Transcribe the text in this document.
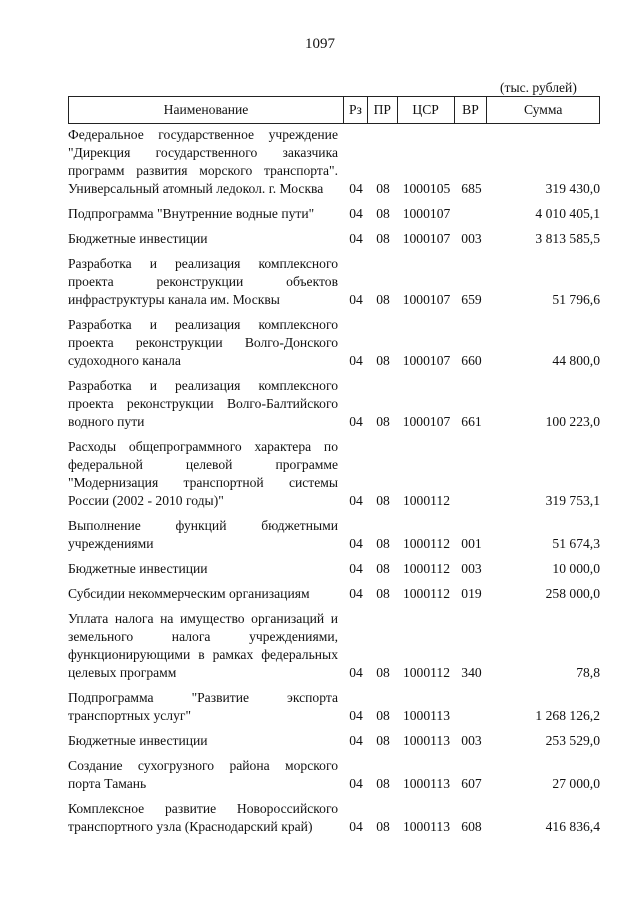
1097
(тыс. рублей)
Наименование	Рз ПР	ЦСР	ВР	Сумма
Федеральное государственное учреждение "Дирекция государственного заказчика программ развития морского транспорта". Универсальный атомный ледокол. г. Москва	04 08 1000105 685	319 430,0
Подпрограмма "Внутренние водные пути"	04 08 1000107	4 010 405,1
Бюджетные инвестиции	04 08 1000107 003	3 813 585,5
Разработка и реализация комплексного проекта реконструкции объектов инфраструктуры канала им. Москвы	04 08 1000107 659	51 796,6
Разработка и реализация комплексного проекта реконструкции Волго-Донского судоходного канала	04 08 1000107 660	44 800,0
Разработка и реализация комплексного проекта реконструкции Волго-Балтийского водного пути	04 08 1000107 661	100 223,0
Расходы общепрограммного характера по федеральной целевой программе "Модернизация транспортной системы России (2002 - 2010 годы)"	04 08 1000112	319 753,1
Выполнение функций бюджетными учреждениями	04 08 1000112 001	51 674,3
Бюджетные инвестиции	04 08 1000112 003	10 000,0
Субсидии некоммерческим организациям	04 08 1000112 019	258 000,0
Уплата налога на имущество организаций и земельного налога учреждениями, функционирующими в рамках федеральных целевых программ	04 08 1000112 340	78,8
Подпрограмма "Развитие экспорта транспортных услуг"	04 08 1000113	1 268 126,2
Бюджетные инвестиции	04 08 1000113 003	253 529,0
Создание сухогрузного района морского порта Тамань	04 08 1000113 607	27 000,0
Комплексное развитие Новороссийского транспортного узла (Краснодарский край)	04 08 1000113 608	416 836,4
